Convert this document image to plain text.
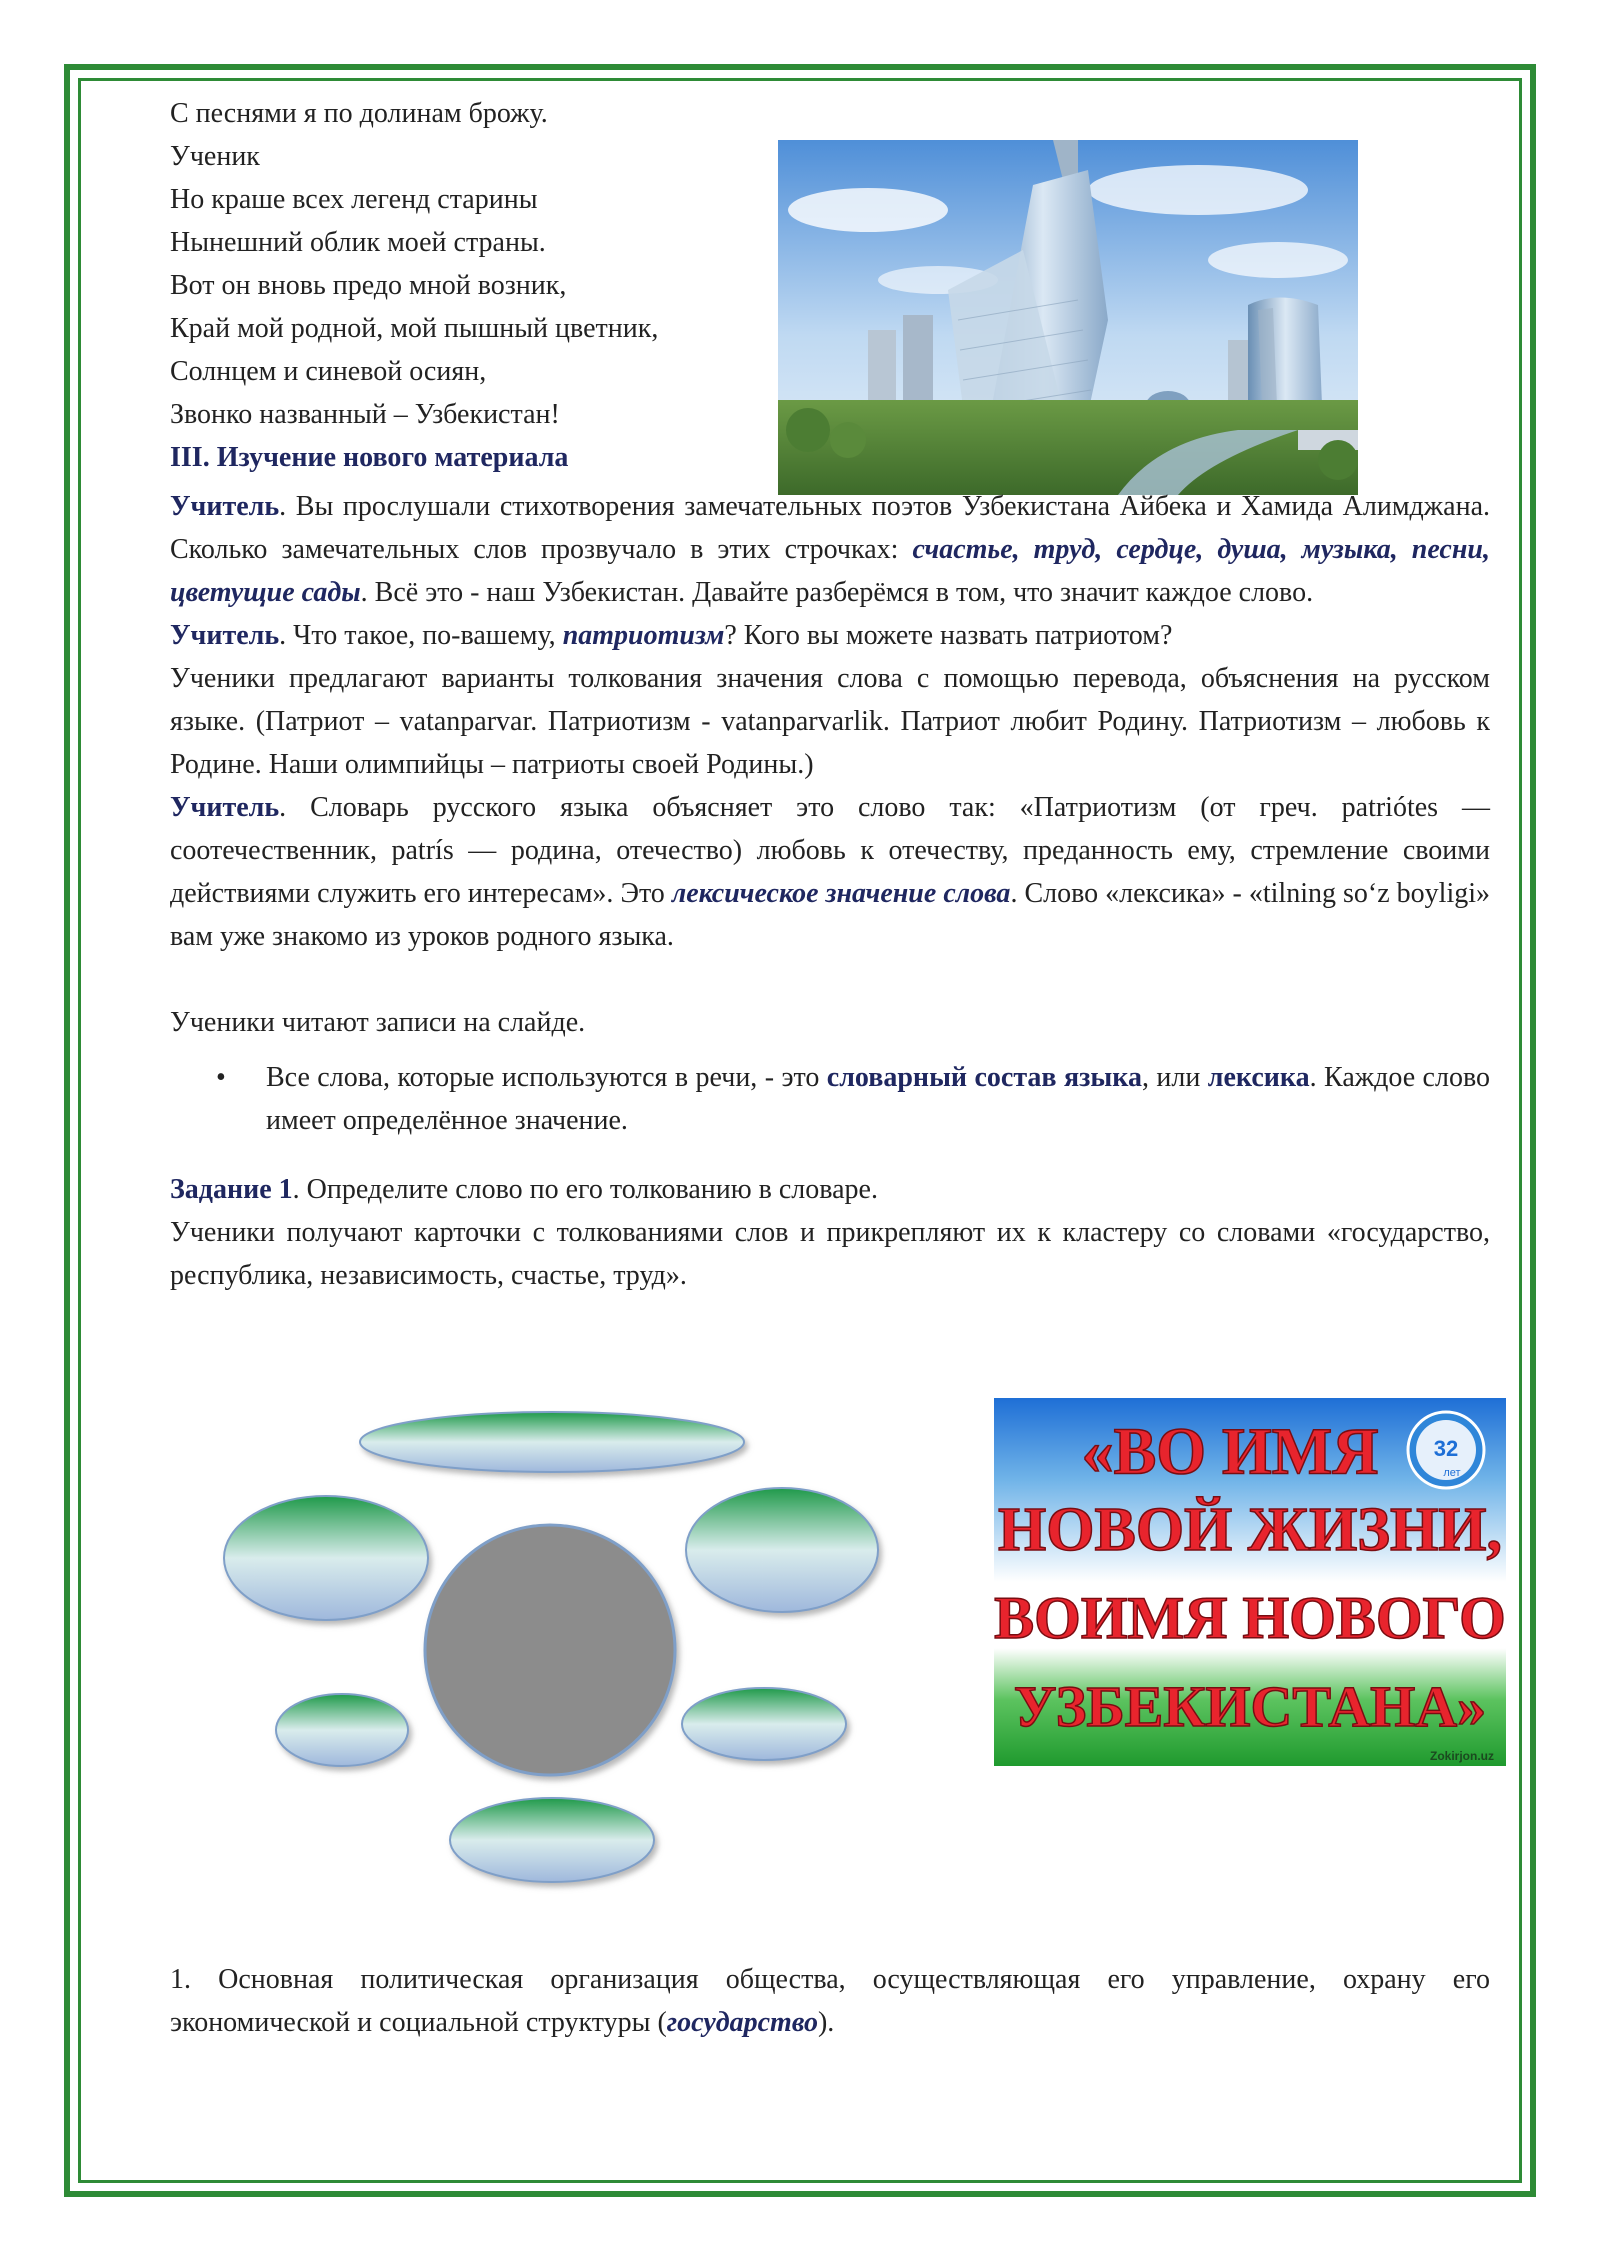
С песнями я по долинам брожу.
Ученик
Но краше всех легенд старины
Нынешний облик моей страны.
Вот он вновь предо мной возник,
Край мой родной, мой пышный цветник,
Солнцем и синевой осиян,
Звонко названный – Узбекистан!
III. Изучение нового материала
Учитель. Вы прослушали стихотворения замечательных поэтов Узбекистана Айбека и Хамида Алимджана. Сколько замечательных слов прозвучало в этих строчках: счастье, труд, сердце, душа, музыка, песни, цветущие сады. Всё это - наш Узбекистан. Давайте разберёмся в том, что значит каждое слово.
Учитель. Что такое, по-вашему, патриотизм? Кого вы можете назвать патриотом?
Ученики предлагают варианты толкования значения слова с помощью перевода, объяснения на русском языке. (Патриот – vatanparvar. Патриотизм - vatanparvarlik. Патриот любит Родину. Патриотизм – любовь к Родине. Наши олимпийцы – патриоты своей Родины.)
Учитель. Словарь русского языка объясняет это слово так: «Патриотизм (от греч. patriótes — соотечественник, patrís — родина, отечество) любовь к отечеству, преданность ему, стремление своими действиями служить его интересам». Это лексическое значение слова. Слово «лексика» - «tilning so‘z boyligi» вам уже знакомо из уроков родного языка.
Ученики читают записи на слайде.
• Все слова, которые используются в речи, - это словарный состав языка, или лексика. Каждое слово имеет определённое значение.
Задание 1. Определите слово по его толкованию в словаре.
Ученики получают карточки с толкованиями слов и прикрепляют их к кластеру со словами «государство, республика, независимость, счастье, труд».
«ВО ИМЯ
НОВОЙ ЖИЗНИ,
ВОИМЯ НОВОГО
УЗБЕКИСТАНА»
32
лет
Zokirjon.uz
1. Основная политическая организация общества, осуществляющая его управление, охрану его экономической и социальной структуры (государство).
